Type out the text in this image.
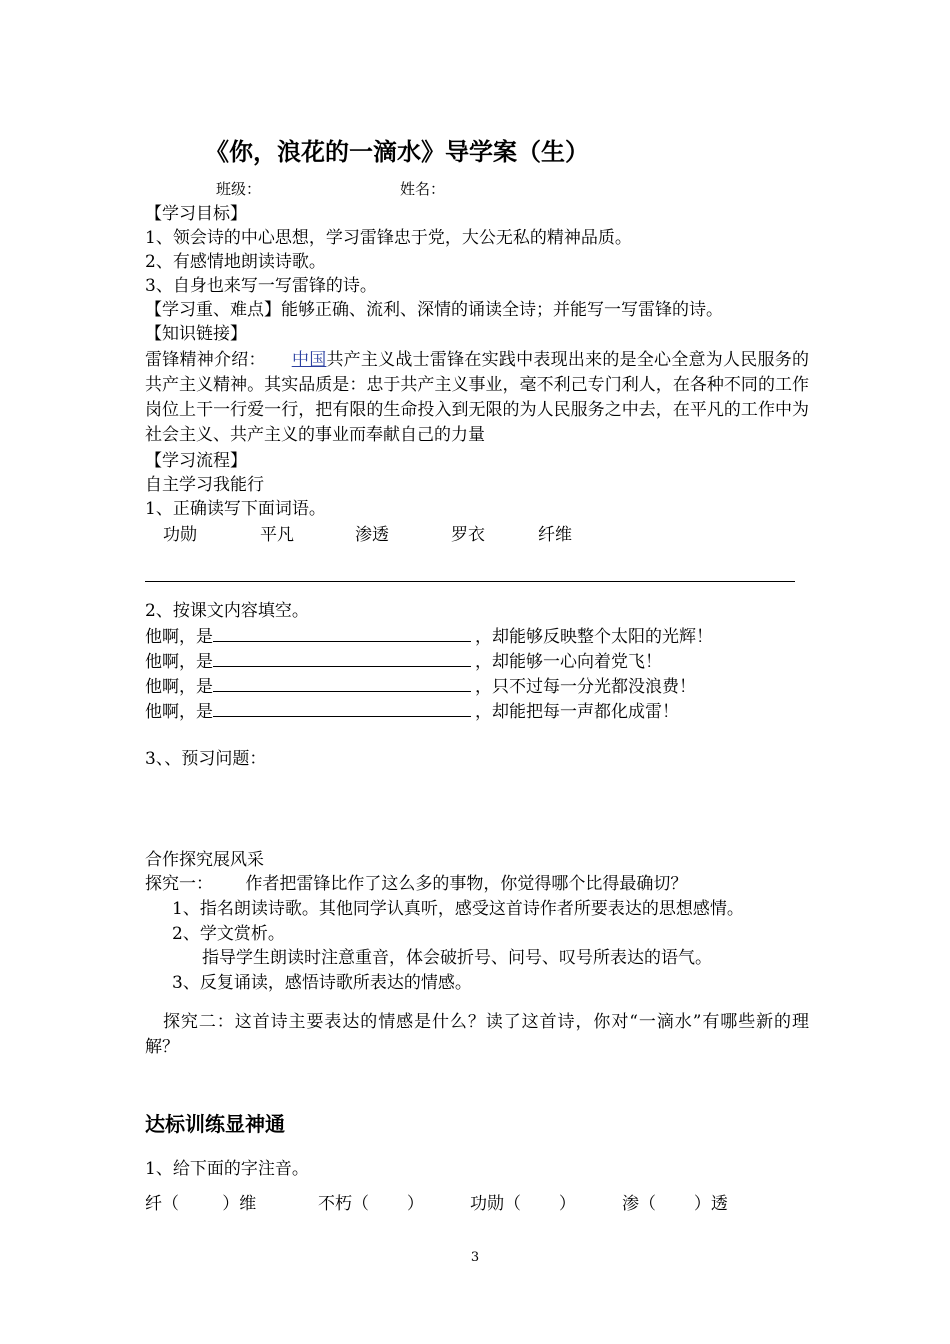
《你，浪花的一滴水》导学案（生）
班级：	姓名：
【学习目标】
1、领会诗的中心思想，学习雷锋忠于党，大公无私的精神品质。
2、有感情地朗读诗歌。
3、自身也来写一写雷锋的诗。
【学习重、难点】能够正确、流利、深情的诵读全诗；并能写一写雷锋的诗。
【知识链接】
雷锋精神介绍： 中国共产主义战士雷锋在实践中表现出来的是全心全意为人民服务的共产主义精神。其实品质是：忠于共产主义事业，毫不利己专门利人，在各种不同的工作岗位上干一行爱一行，把有限的生命投入到无限的为人民服务之中去，在平凡的工作中为社会主义、共产主义的事业而奉献自己的力量
【学习流程】
自主学习我能行
1、正确读写下面词语。
功勋	平凡	渗透	罗衣	纤维
2、按课文内容填空。
他啊，是	，却能够反映整个太阳的光辉！
他啊，是	，却能够一心向着党飞！
他啊，是	，只不过每一分光都没浪费！
他啊，是	，却能把每一声都化成雷！
3、、预习问题：
合作探究展风采
探究一：      作者把雷锋比作了这么多的事物，你觉得哪个比得最确切？
1、指名朗读诗歌。其他同学认真听，感受这首诗作者所要表达的思想感情。
2、学文赏析。
指导学生朗读时注意重音，体会破折号、问号、叹号所表达的语气。
3、反复诵读，感悟诗歌所表达的情感。
探究二：这首诗主要表达的情感是什么？读了这首诗，你对“一滴水”有哪些新的理解？
达标训练显神通
1、给下面的字注音。
纤（        ）维	不朽（       ）	功勋（       ）	渗（       ）透
3
